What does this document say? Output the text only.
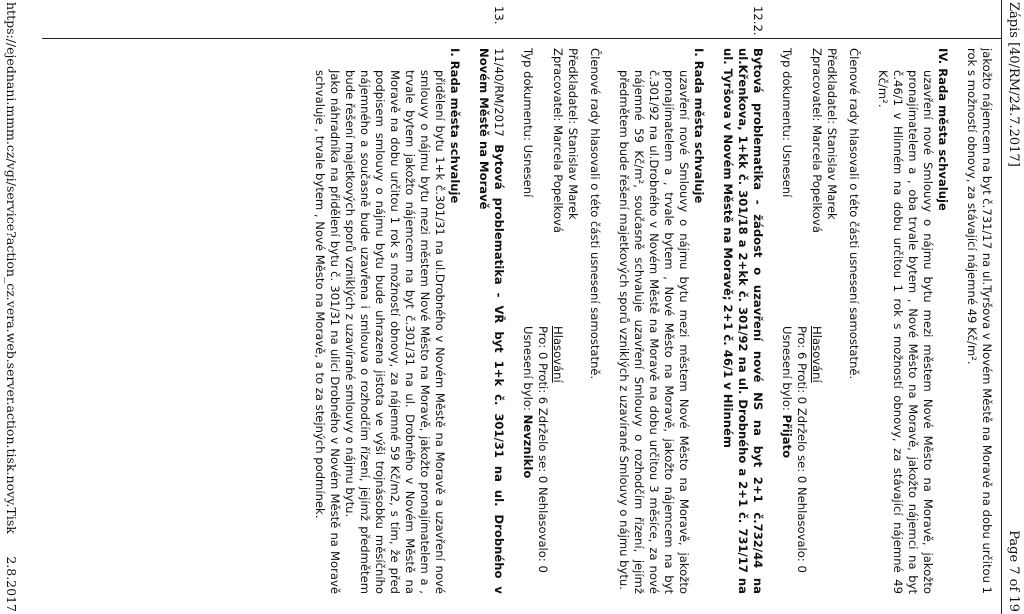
Zápis [40/RM/24.7.2017]
Page 7 of 19

jakožto nájemcem na byt č.731/17 na ul.Tyršova v Novém Městě na Moravě na dobu určitou 1 rok s možností obnovy, za stávající nájemné 49 Kč/m².

IV. Rada města schvaluje

uzavření nové Smlouvy o nájmu bytu mezi městem Nové Město na Moravě, jakožto pronajímatelem a , oba trvale bytem , Nové Město na Moravě, jakožto nájemci na byt č.46/1 v Hlinném na dobu určitou 1 rok s možností obnovy, za stávající nájemné 49 Kč/m².

Členové rady hlasovali o této části usnesení samostatně.

Předkladatel: Stanislav Marek

Zpracovatel: Marcela Popelková
Hlasování
Pro: 6 Proti: 0 Zdrželo se: 0 Nehlasovalo: 0
Typ dokumentu: Usnesení
Usnesení bylo: Přijato
12.2.

Bytová problematika - žádost o uzavření nové NS na byt 2+1 č.732/44 na ul.Křenkova, 1+kk č. 301/18 a 2+kk č. 301/92 na ul. Drobného a 2+1 č. 731/17 na ul. Tyršova v Novém Městě na Moravě; 2+1 č. 46/1 v Hlinném

I. Rada města schvaluje

uzavření nové Smlouvy o nájmu bytu mezi městem Nové Město na Moravě, jakožto pronajímatelem a , trvale bytem , Nové Město na Moravě, jakožto nájemcem na byt č.301/92 na ul.Drobného v Novém Městě na Moravě na dobu určitou 3 měsíce, za nové nájemné 59 Kč/m², současně schvaluje uzavření Smlouvy o rozhodčím řízení, jejímž předmětem bude řešení majetkových sporů vzniklých z uzavírané Smlouvy o nájmu bytu.

Členové rady hlasovali o této části usnesení samostatně.

Předkladatel: Stanislav Marek

Zpracovatel: Marcela Popelková
Hlasování
Pro: 0 Proti: 6 Zdrželo se: 0 Nehlasovalo: 0
Typ dokumentu: Usnesení
Usnesení bylo: Nevzniklo
13.

11/40/RM/2017 Bytová problematika - VŘ byt 1+k č. 301/31 na ul. Drobného v Novém Městě na Moravě

I. Rada města schvaluje

přidělení bytu 1+k č.301/31 na ul.Drobného v Novém Městě na Moravě a uzavření nové smlouvy o nájmu bytu mezi městem Nové Město na Moravě, jakožto pronajímatelem a , trvale bytem jakožto nájemcem na byt č.301/31 na ul. Drobného v Novém Městě na Moravě na dobu určitou 1 rok s možností obnovy, za nájemné 59 Kč/m2, s tím, že před podpisem smlouvy o nájmu bytu bude uhrazena jistota ve výši trojnásobku měsíčního nájemného a současně bude uzavřena i smlouva o rozhodčím řízení, jejímž předmětem bude řešení majetkových sporů vzniklých z uzavírané smlouvy o nájmu bytu.

Jako náhradníka na přidělení bytu č. 301/31 na ulici Drobného v Novém Městě na Moravě schvaluje , trvale bytem , Nové Město na Moravě, a to za stejných podmínek.

https://ejednani.mmm.cz/vgi/service?action_cz.vera.web.server.action.tisk.novy.Tisk
2.8.2017
